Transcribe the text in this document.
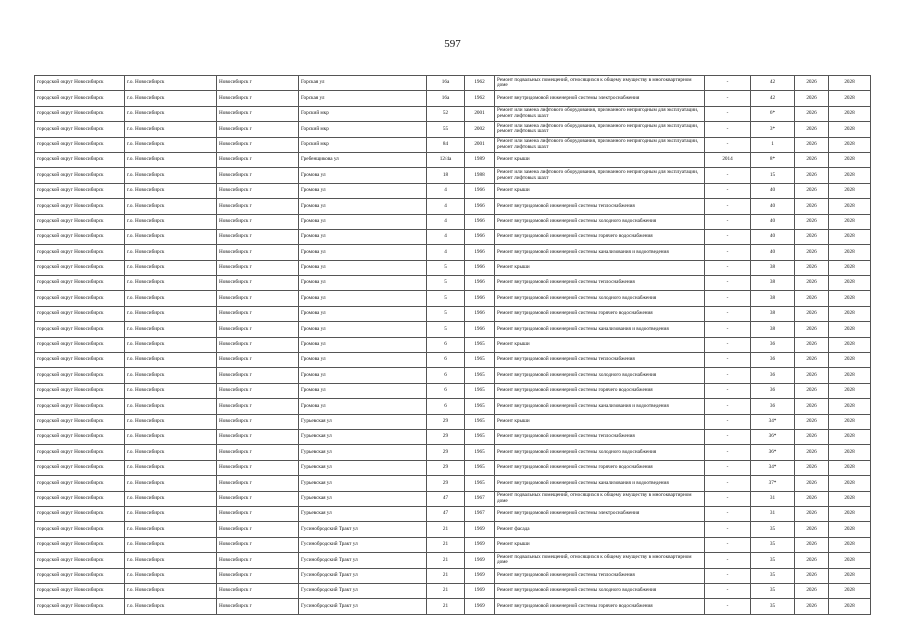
597
городской округ Новосибирск	г.о. Новосибирск	Новосибирск г	Горская ул	16а	1962	Ремонт подвальных помещений, относящихся к общему имуществу в многоквартирном доме	-	42	2026	2028
городской округ Новосибирск	г.о. Новосибирск	Новосибирск г	Горская ул	16а	1962	Ремонт внутридомовой инженерной системы электроснабжения	-	42	2026	2028
городской округ Новосибирск	г.о. Новосибирск	Новосибирск г	Горский мкр	52	2001	Ремонт или замена лифтового оборудования, признанного непригодным для эксплуатации, ремонт лифтовых шахт	-	6*	2026	2028
городской округ Новосибирск	г.о. Новосибирск	Новосибирск г	Горский мкр	55	2002	Ремонт или замена лифтового оборудования, признанного непригодным для эксплуатации, ремонт лифтовых шахт	-	3*	2026	2028
городской округ Новосибирск	г.о. Новосибирск	Новосибирск г	Горский мкр	84	2001	Ремонт или замена лифтового оборудования, признанного непригодным для эксплуатации, ремонт лифтовых шахт	-	1	2026	2028
городской округ Новосибирск	г.о. Новосибирск	Новосибирск г	Гребенщикова ул	12/4а	1989	Ремонт крыши	2014	8*	2026	2028
городской округ Новосибирск	г.о. Новосибирск	Новосибирск г	Громова ул	18	1988	Ремонт или замена лифтового оборудования, признанного непригодным для эксплуатации, ремонт лифтовых шахт	-	15	2026	2028
городской округ Новосибирск	г.о. Новосибирск	Новосибирск г	Громова ул	4	1966	Ремонт крыши	-	40	2026	2028
городской округ Новосибирск	г.о. Новосибирск	Новосибирск г	Громова ул	4	1966	Ремонт внутридомовой инженерной системы теплоснабжения	-	40	2026	2028
городской округ Новосибирск	г.о. Новосибирск	Новосибирск г	Громова ул	4	1966	Ремонт внутридомовой инженерной системы холодного водоснабжения	-	40	2026	2028
городской округ Новосибирск	г.о. Новосибирск	Новосибирск г	Громова ул	4	1966	Ремонт внутридомовой инженерной системы горячего водоснабжения	-	40	2026	2028
городской округ Новосибирск	г.о. Новосибирск	Новосибирск г	Громова ул	4	1966	Ремонт внутридомовой инженерной системы канализования и водоотведения	-	40	2026	2028
городской округ Новосибирск	г.о. Новосибирск	Новосибирск г	Громова ул	5	1966	Ремонт крыши	-	38	2026	2028
городской округ Новосибирск	г.о. Новосибирск	Новосибирск г	Громова ул	5	1966	Ремонт внутридомовой инженерной системы теплоснабжения	-	38	2026	2028
городской округ Новосибирск	г.о. Новосибирск	Новосибирск г	Громова ул	5	1966	Ремонт внутридомовой инженерной системы холодного водоснабжения	-	38	2026	2028
городской округ Новосибирск	г.о. Новосибирск	Новосибирск г	Громова ул	5	1966	Ремонт внутридомовой инженерной системы горячего водоснабжения	-	38	2026	2028
городской округ Новосибирск	г.о. Новосибирск	Новосибирск г	Громова ул	5	1966	Ремонт внутридомовой инженерной системы канализования и водоотведения	-	38	2026	2028
городской округ Новосибирск	г.о. Новосибирск	Новосибирск г	Громова ул	6	1965	Ремонт крыши	-	36	2026	2028
городской округ Новосибирск	г.о. Новосибирск	Новосибирск г	Громова ул	6	1965	Ремонт внутридомовой инженерной системы теплоснабжения	-	36	2026	2028
городской округ Новосибирск	г.о. Новосибирск	Новосибирск г	Громова ул	6	1965	Ремонт внутридомовой инженерной системы холодного водоснабжения	-	36	2026	2028
городской округ Новосибирск	г.о. Новосибирск	Новосибирск г	Громова ул	6	1965	Ремонт внутридомовой инженерной системы горячего водоснабжения	-	36	2026	2028
городской округ Новосибирск	г.о. Новосибирск	Новосибирск г	Громова ул	6	1965	Ремонт внутридомовой инженерной системы канализования и водоотведения	-	36	2026	2028
городской округ Новосибирск	г.о. Новосибирск	Новосибирск г	Гурьевская ул	29	1965	Ремонт крыши	-	34*	2026	2028
городской округ Новосибирск	г.о. Новосибирск	Новосибирск г	Гурьевская ул	29	1965	Ремонт внутридомовой инженерной системы теплоснабжения	-	36*	2026	2028
городской округ Новосибирск	г.о. Новосибирск	Новосибирск г	Гурьевская ул	29	1965	Ремонт внутридомовой инженерной системы холодного водоснабжения	-	36*	2026	2028
городской округ Новосибирск	г.о. Новосибирск	Новосибирск г	Гурьевская ул	29	1965	Ремонт внутридомовой инженерной системы горячего водоснабжения	-	34*	2026	2028
городской округ Новосибирск	г.о. Новосибирск	Новосибирск г	Гурьевская ул	29	1965	Ремонт внутридомовой инженерной системы канализования и водоотведения	-	37*	2026	2028
городской округ Новосибирск	г.о. Новосибирск	Новосибирск г	Гурьевская ул	47	1967	Ремонт подвальных помещений, относящихся к общему имуществу в многоквартирном доме	-	31	2026	2028
городской округ Новосибирск	г.о. Новосибирск	Новосибирск г	Гурьевская ул	47	1967	Ремонт внутридомовой инженерной системы электроснабжения	-	31	2026	2028
городской округ Новосибирск	г.о. Новосибирск	Новосибирск г	Гусинобродский Тракт ул	21	1969	Ремонт фасада	-	35	2026	2028
городской округ Новосибирск	г.о. Новосибирск	Новосибирск г	Гусинобродский Тракт ул	21	1969	Ремонт крыши	-	35	2026	2028
городской округ Новосибирск	г.о. Новосибирск	Новосибирск г	Гусинобродский Тракт ул	21	1969	Ремонт подвальных помещений, относящихся к общему имуществу в многоквартирном доме	-	35	2026	2028
городской округ Новосибирск	г.о. Новосибирск	Новосибирск г	Гусинобродский Тракт ул	21	1969	Ремонт внутридомовой инженерной системы теплоснабжения	-	35	2026	2028
городской округ Новосибирск	г.о. Новосибирск	Новосибирск г	Гусинобродский Тракт ул	21	1969	Ремонт внутридомовой инженерной системы холодного водоснабжения	-	35	2026	2028
городской округ Новосибирск	г.о. Новосибирск	Новосибирск г	Гусинобродский Тракт ул	21	1969	Ремонт внутридомовой инженерной системы горячего водоснабжения	-	35	2026	2028
